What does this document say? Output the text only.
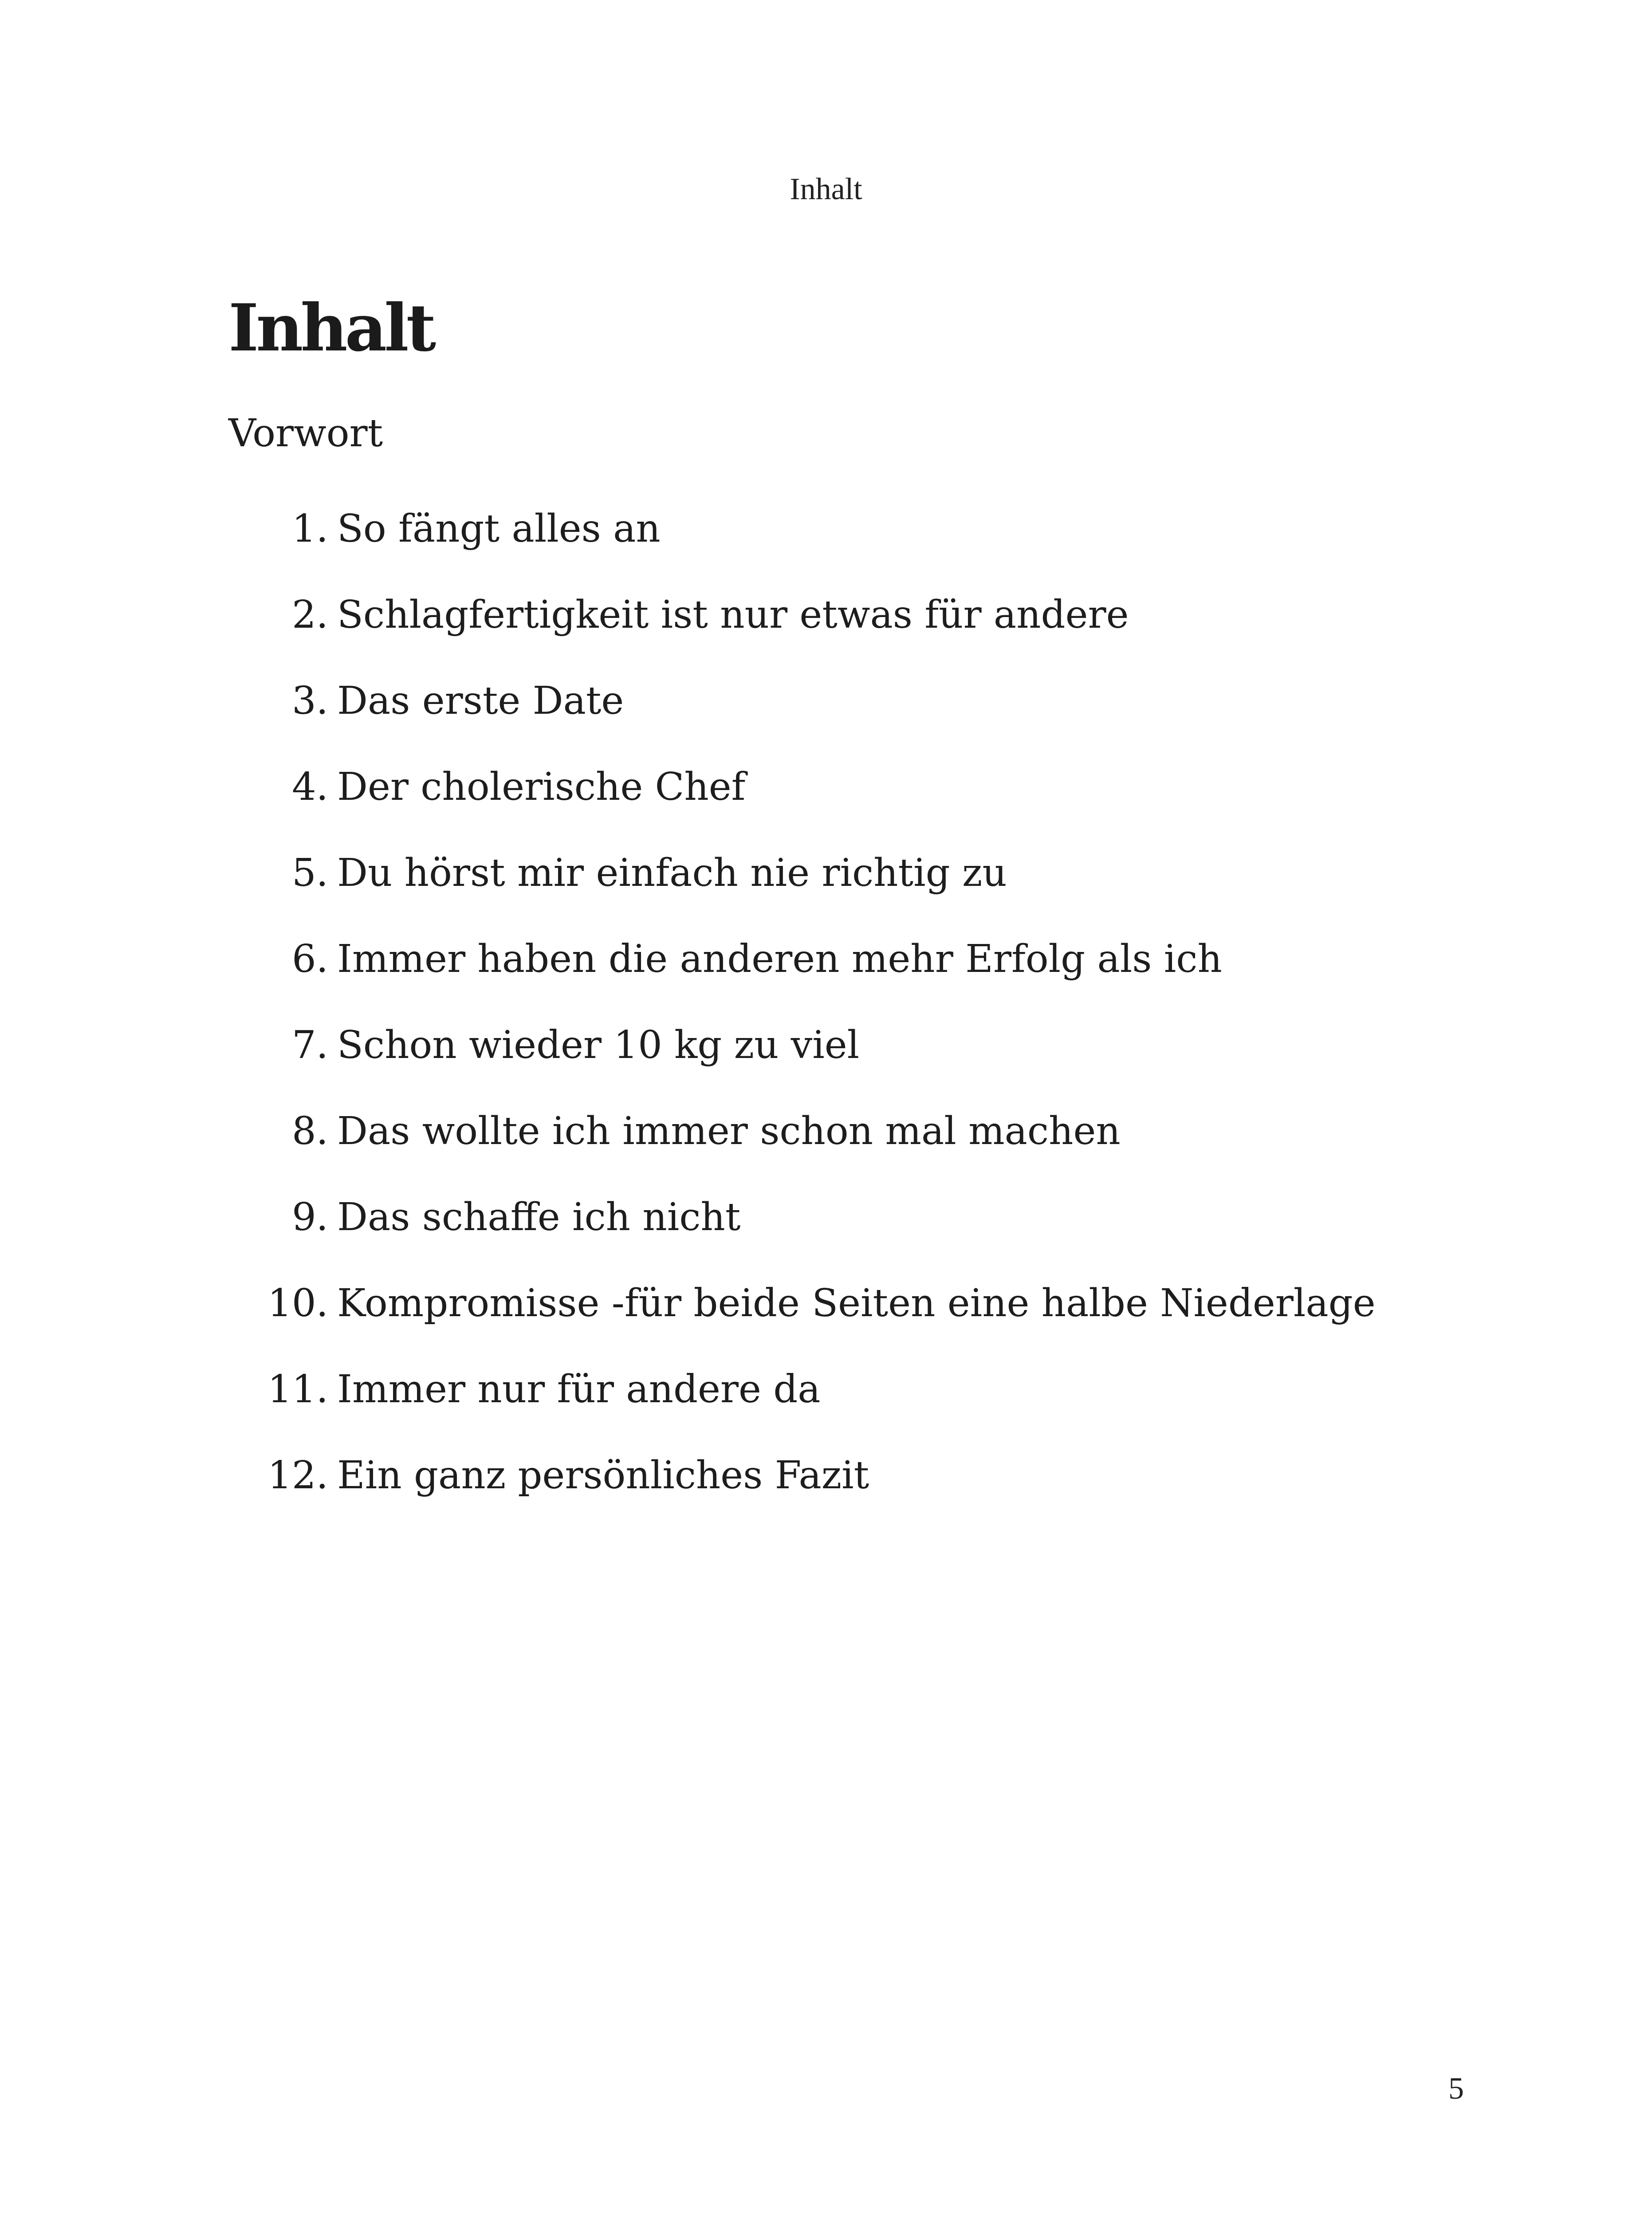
Inhalt
Inhalt
Vorwort
1. So fängt alles an
2. Schlagfertigkeit ist nur etwas für andere
3. Das erste Date
4. Der cholerische Chef
5. Du hörst mir einfach nie richtig zu
6. Immer haben die anderen mehr Erfolg als ich
7. Schon wieder 10 kg zu viel
8. Das wollte ich immer schon mal machen
9. Das schaffe ich nicht
10. Kompromisse -für beide Seiten eine halbe Niederlage
11. Immer nur für andere da
12. Ein ganz persönliches Fazit
5
